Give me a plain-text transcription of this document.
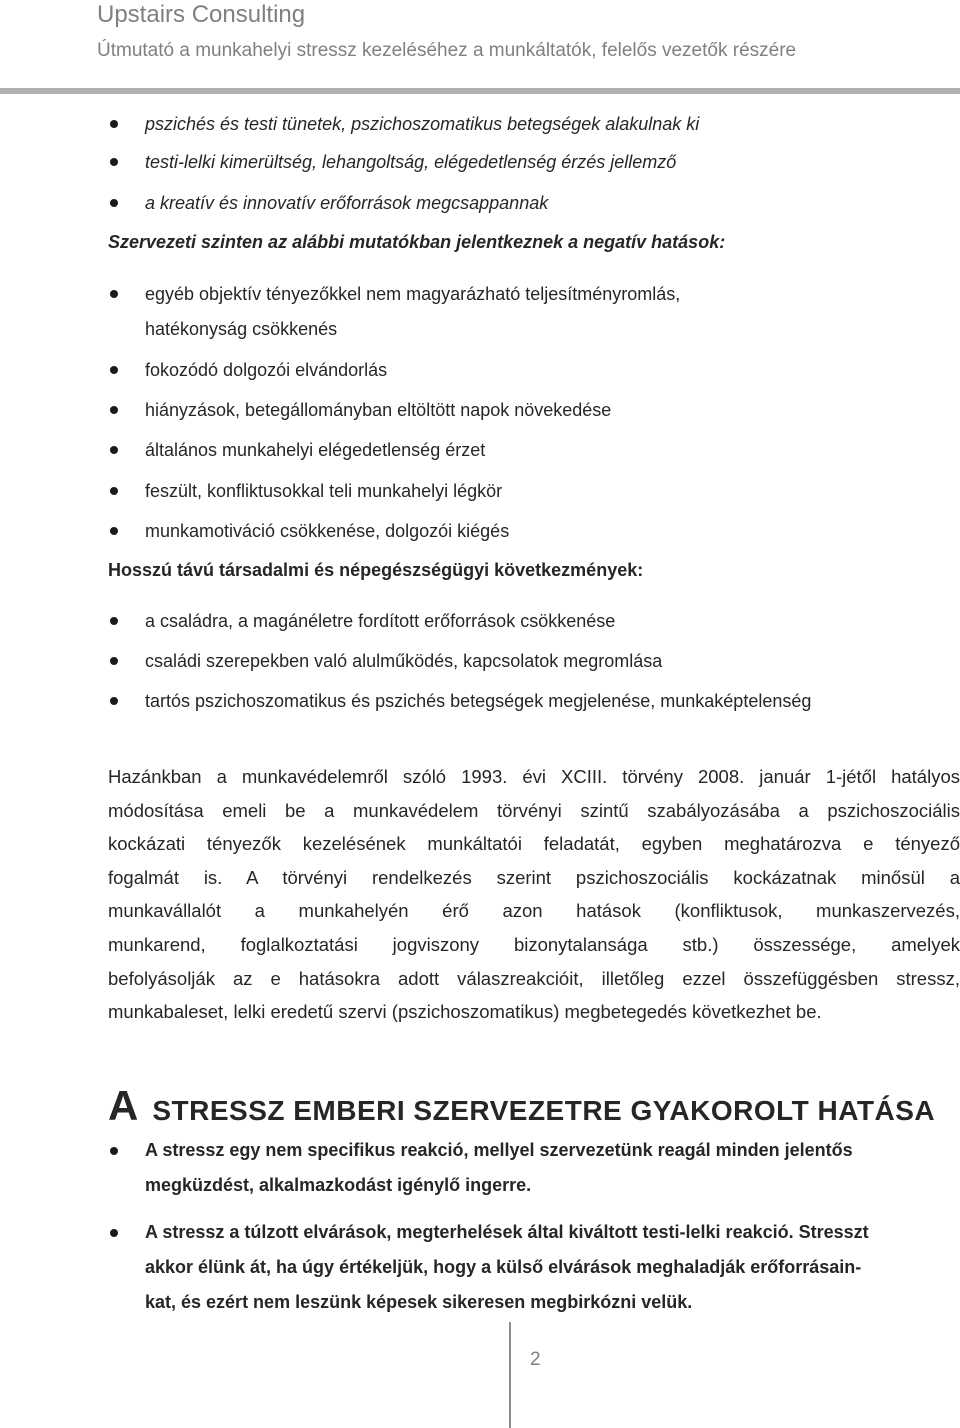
Upstairs Consulting
Útmutató a munkahelyi stressz kezeléséhez a munkáltatók, felelős vezetők részére
pszichés és testi tünetek, pszichoszomatikus betegségek alakulnak ki
testi-lelki kimerültség, lehangoltság, elégedetlenség érzés jellemző
a kreatív és innovatív erőforrások megcsappannak
Szervezeti szinten az alábbi mutatókban jelentkeznek a negatív hatások:
egyéb objektív tényezőkkel nem magyarázható teljesítményromlás,
hatékonyság csökkenés
fokozódó dolgozói elvándorlás
hiányzások, betegállományban eltöltött napok növekedése
általános munkahelyi elégedetlenség érzet
feszült, konfliktusokkal teli munkahelyi légkör
munkamotiváció csökkenése, dolgozói kiégés
Hosszú távú társadalmi és népegészségügyi következmények:
a családra, a magánéletre fordított erőforrások csökkenése
családi szerepekben való alulműködés, kapcsolatok megromlása
tartós pszichoszomatikus és pszichés betegségek megjelenése, munkaképtelenség
Hazánkban a munkavédelemről szóló 1993. évi XCIII. törvény 2008. január 1-jétől hatályos
módosítása emeli be a munkavédelem törvényi szintű szabályozásába a pszichoszociális
kockázati tényezők kezelésének munkáltatói feladatát, egyben meghatározva e tényező
fogalmát is. A törvényi rendelkezés szerint pszichoszociális kockázatnak minősül a
munkavállalót a munkahelyén érő azon hatások (konfliktusok, munkaszervezés,
munkarend, foglalkoztatási jogviszony bizonytalansága stb.) összessége, amelyek
befolyásolják az e hatásokra adott válaszreakcióit, illetőleg ezzel összefüggésben stressz,
munkabaleset, lelki eredetű szervi (pszichoszomatikus) megbetegedés következhet be.
ASTRESSZ EMBERI SZERVEZETRE GYAKOROLT HATÁSA
A stressz egy nem specifikus reakció, mellyel szervezetünk reagál minden jelentős
megküzdést, alkalmazkodást igénylő ingerre.
A stressz a túlzott elvárások, megterhelések által kiváltott testi-lelki reakció. Stresszt
akkor élünk át, ha úgy értékeljük, hogy a külső elvárások meghaladják erőforrásain-
kat, és ezért nem leszünk képesek sikeresen megbirkózni velük.
2
